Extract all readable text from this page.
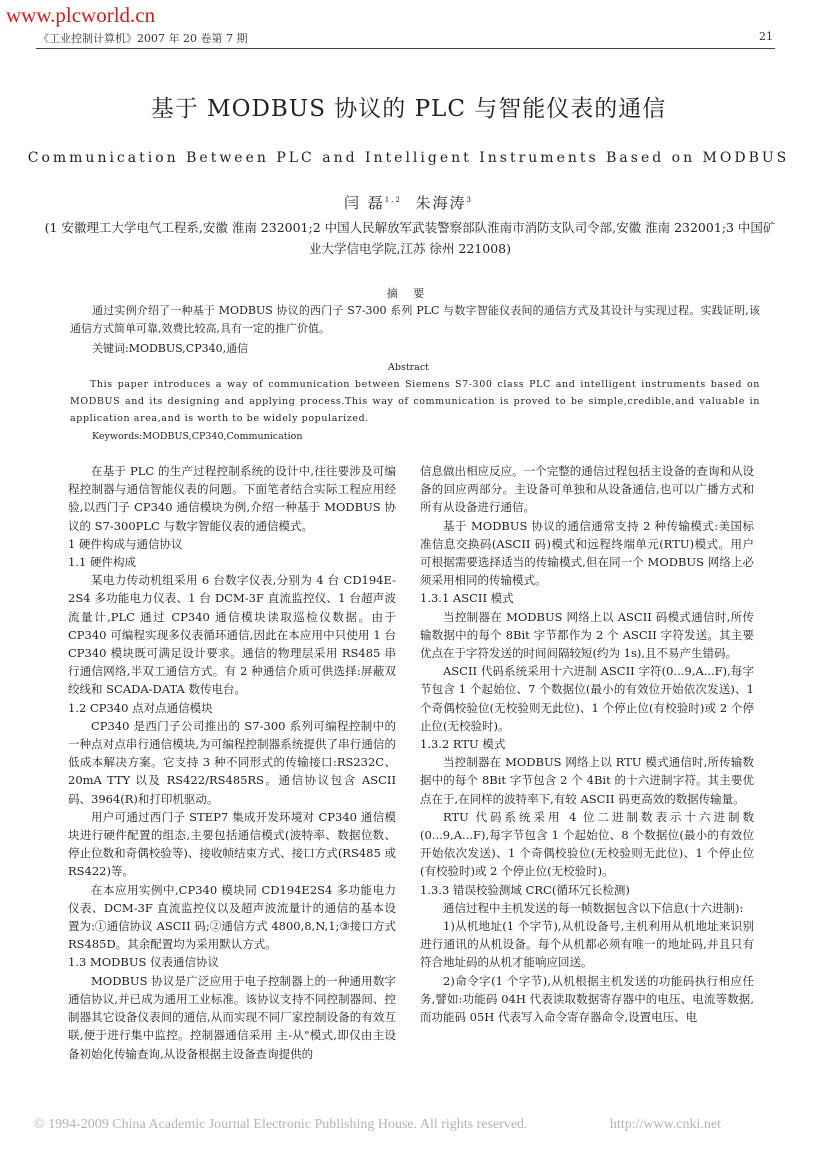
www.plcworld.cn
《工业控制计算机》2007 年 20 卷第 7 期	21
基于 MODBUS 协议的 PLC 与智能仪表的通信
Communication Between PLC and Intelligent Instruments Based on MODBUS
闫 磊$^{1,2}$ 朱海涛$^3$
(1 安徽理工大学电气工程系,安徽 淮南 232001;2 中国人民解放军武装警察部队淮南市消防支队司令部,安徽 淮南 232001;3 中国矿业大学信电学院,江苏 徐州 221008)
摘 要
通过实例介绍了一种基于 MODBUS 协议的西门子 S7-300 系列 PLC 与数字智能仪表间的通信方式及其设计与实现过程。实践证明,该通信方式简单可靠,效费比较高,具有一定的推广价值。
关键词:MODBUS,CP340,通信
Abstract
This paper introduces a way of communication between Siemens S7-300 class PLC and intelligent instruments based on MODBUS and its designing and applying process.This way of communication is proved to be simple,credible,and valuable in application area,and is worth to be widely popularized.
Keywords:MODBUS,CP340,Communication

在基于 PLC 的生产过程控制系统的设计中,往往要涉及可编程控制器与通信智能仪表的问题。下面笔者结合实际工程应用经验,以西门子 CP340 通信模块为例,介绍一种基于 MODBUS 协议的 S7-300PLC 与数字智能仪表的通信模式。

1 硬件构成与通信协议

1.1 硬件构成

某电力传动机组采用 6 台数字仪表,分别为 4 台 CD194E-2S4 多功能电力仪表、1 台 DCM-3F 直流监控仪、1 台超声波流量计,PLC 通过 CP340 通信模块读取巡检仪数据。由于 CP340 可编程实现多仪表循环通信,因此在本应用中只使用 1 台 CP340 模块既可满足设计要求。通信的物理层采用 RS485 串行通信网络,半双工通信方式。有 2 种通信介质可供选择:屏蔽双绞线和 SCADA-DATA 数传电台。

1.2 CP340 点对点通信模块

CP340 是西门子公司推出的 S7-300 系列可编程控制中的一种点对点串行通信模块,为可编程控制器系统提供了串行通信的低成本解决方案。它支持 3 种不同形式的传输接口:RS232C、20mA TTY 以及 RS422/RS485RS。通信协议包含 ASCII 码、3964(R)和打印机驱动。

用户可通过西门子 STEP7 集成开发环境对 CP340 通信模块进行硬件配置的组态,主要包括通信模式(波特率、数据位数、停止位数和奇偶校验等)、接收帧结束方式、接口方式(RS485 或 RS422)等。

在本应用实例中,CP340 模块同 CD194E2S4 多功能电力仪表、DCM-3F 直流监控仪以及超声波流量计的通信的基本设置为:①通信协议 ASCII 码;②通信方式 4800,8,N,1;③接口方式 RS485D。其余配置均为采用默认方式。

1.3 MODBUS 仪表通信协议

MODBUS 协议是广泛应用于电子控制器上的一种通用数字通信协议,并已成为通用工业标准。该协议支持不同控制器间、控制器其它设备仪表间的通信,从而实现不同厂家控制设备的有效互联,便于进行集中监控。控制器通信采用 主-从"模式,即仅由主设备初始化传输查询,从设备根据主设备查询提供的

信息做出相应反应。一个完整的通信过程包括主设备的查询和从设备的回应两部分。主设备可单独和从设备通信,也可以广播方式和所有从设备进行通信。

基于 MODBUS 协议的通信通常支持 2 种传输模式:美国标准信息交换码(ASCII 码)模式和远程终端单元(RTU)模式。用户可根据需要选择适当的传输模式,但在同一个 MODBUS 网络上必须采用相同的传输模式。

1.3.1 ASCII 模式

当控制器在 MODBUS 网络上以 ASCII 码模式通信时,所传输数据中的每个 8Bit 字节都作为 2 个 ASCII 字符发送。其主要优点在于字符发送的时间间隔较短(约为 1s),且不易产生错码。

ASCII 代码系统采用十六进制 ASCII 字符(0...9,A...F),每字节包含 1 个起始位、7 个数据位(最小的有效位开始依次发送)、1 个奇偶校验位(无校验则无此位)、1 个停止位(有校验时)或 2 个停止位(无校验时)。

1.3.2 RTU 模式

当控制器在 MODBUS 网络上以 RTU 模式通信时,所传输数据中的每个 8Bit 字节包含 2 个 4Bit 的十六进制字符。其主要优点在于,在同样的波特率下,有较 ASCII 码更高效的数据传输量。

RTU 代码系统采用 4 位二进制数表示十六进制数(0...9,A...F),每字节包含 1 个起始位、8 个数据位(最小的有效位开始依次发送)、1 个奇偶校验位(无校验则无此位)、1 个停止位(有校验时)或 2 个停止位(无校验时)。

1.3.3 错误校验测域 CRC(循环冗长检测)

通信过程中主机发送的每一帧数据包含以下信息(十六进制):

1)从机地址(1 个字节),从机设备号,主机利用从机地址来识别进行通讯的从机设备。每个从机都必须有唯一的地址码,并且只有符合地址码的从机才能响应回送。

2)命令字(1 个字节),从机根据主机发送的功能码执行相应任务,譬如:功能码 04H 代表读取数据寄存器中的电压、电流等数据,而功能码 05H 代表写入命令寄存器命令,设置电压、电

© 1994-2009 China Academic Journal Electronic Publishing House. All rights reserved.	http://www.cnki.net
